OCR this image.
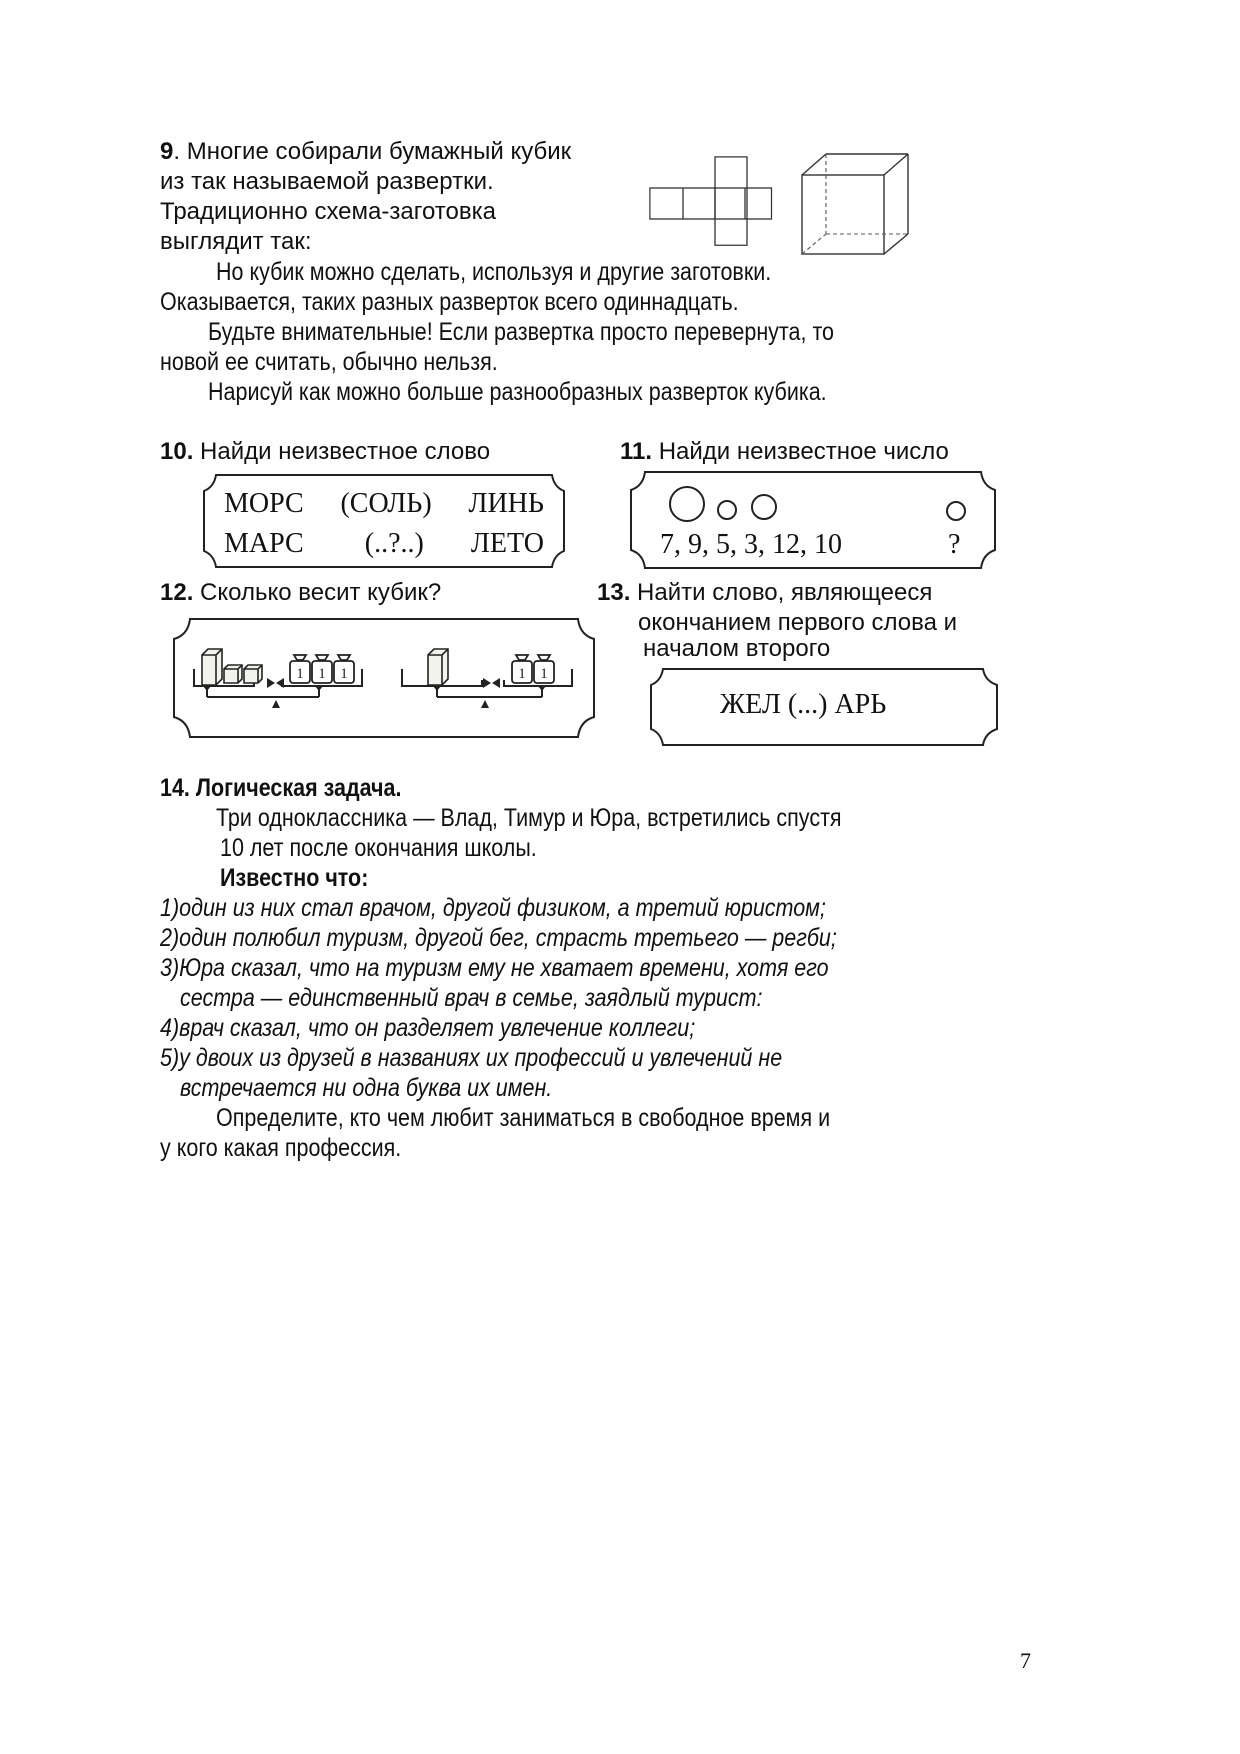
9. Многие собирали бумажный кубик
из так называемой развертки.
Традиционно схема-заготовка
выглядит так:
Но кубик можно сделать, используя и другие заготовки.
Оказывается, таких разных разверток всего одиннадцать.
Будьте внимательные! Если развертка просто перевернута, то
новой ее считать, обычно нельзя.
Нарисуй как можно больше разнообразных разверток кубика.
10. Найди неизвестное слово
МОРС (СОЛЬ) ЛИНЬ
МАРС (..?..) ЛЕТО
11. Найди неизвестное число
7, 9, 5, 3, 12, 10	?
12. Сколько весит кубик?
1 1 1	1 1
13. Найти слово, являющееся
окончанием первого слова и
началом второго
ЖЕЛ (...) АРЬ
14. Логическая задача.
Три одноклассника — Влад, Тимур и Юра, встретились спустя
10 лет после окончания школы.
Известно что:
1)один из них стал врачом, другой физиком, а третий юристом;
2)один полюбил туризм, другой бег, страсть третьего — регби;
3)Юра сказал, что на туризм ему не хватает времени, хотя его
сестра — единственный врач в семье, заядлый турист:
4)врач сказал, что он разделяет увлечение коллеги;
5)у двоих из друзей в названиях их профессий и увлечений не
встречается ни одна буква их имен.
Определите, кто чем любит заниматься в свободное время и
у кого какая профессия.
7
